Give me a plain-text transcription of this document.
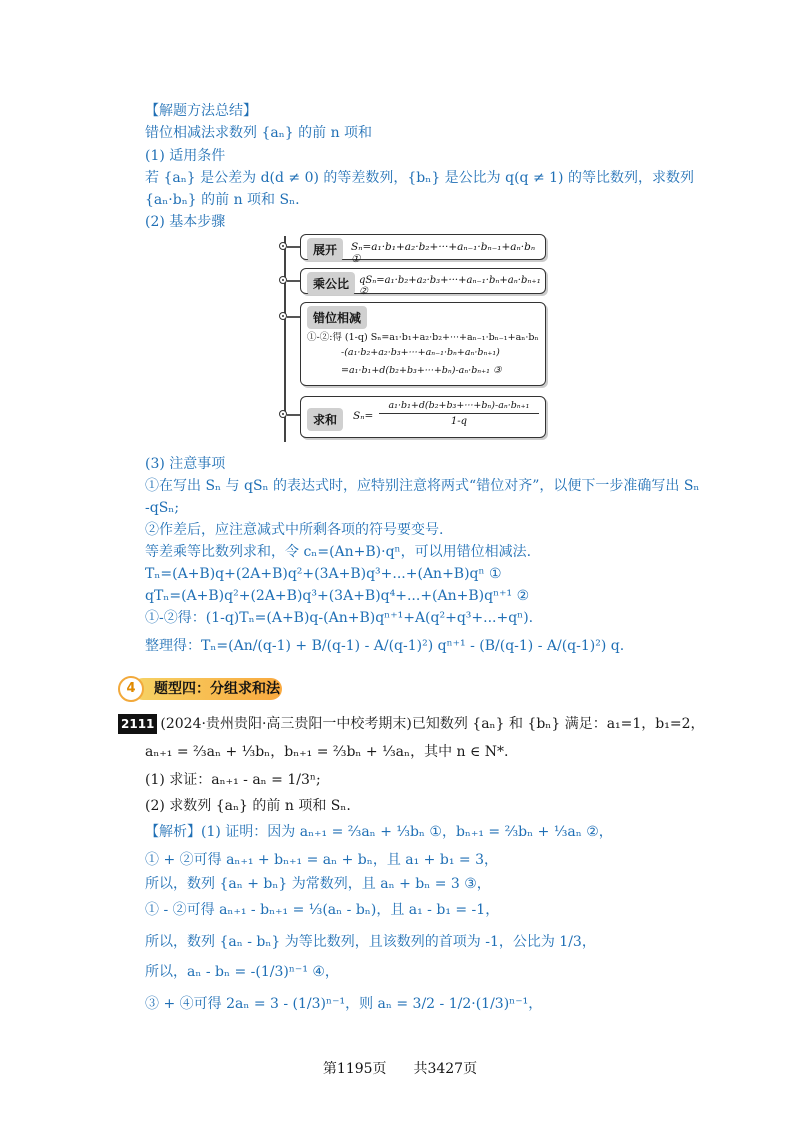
【解题方法总结】
错位相减法求数列 {aₙ} 的前 n 项和
(1) 适用条件
若 {aₙ} 是公差为 d(d ≠ 0) 的等差数列，{bₙ} 是公比为 q(q ≠ 1) 的等比数列，求数列
{aₙ·bₙ} 的前 n 项和 Sₙ.
(2) 基本步骤
展开	Sₙ=a₁·b₁+a₂·b₂+···+aₙ₋₁·bₙ₋₁+aₙ·bₙ ①
乘公比 qSₙ=a₁·b₂+a₂·b₃+···+aₙ₋₁·bₙ+aₙ·bₙ₊₁ ②
错位相减
①-②:得 (1-q) Sₙ=a₁·b₁+a₂·b₂+···+aₙ₋₁·bₙ₋₁+aₙ·bₙ
-(a₁·b₂+a₂·b₃+···+aₙ₋₁·bₙ+aₙ·bₙ₊₁)
=a₁·b₁+d(b₂+b₃+···+bₙ)-aₙ·bₙ₊₁ ③
求和	$S_n= \frac{\text{a₁·b₁+d(b₂+b₃+···+bₙ)-aₙ·bₙ₊₁}}{1-q}$
(3) 注意事项
①在写出 Sₙ 与 qSₙ 的表达式时，应特别注意将两式“错位对齐”，以便下一步准确写出 Sₙ
-qSₙ;
②作差后，应注意减式中所剩各项的符号要变号.
等差乘等比数列求和，令 cₙ=(An+B)·qⁿ，可以用错位相减法.
Tₙ=(A+B)q+(2A+B)q²+(3A+B)q³+...+(An+B)qⁿ ①
qTₙ=(A+B)q²+(2A+B)q³+(3A+B)q⁴+...+(An+B)qⁿ⁺¹ ②
①-②得：(1-q)Tₙ=(A+B)q-(An+B)qⁿ⁺¹+A(q²+q³+...+qⁿ).
整理得：Tₙ=(An/(q-1) + B/(q-1) - A/(q-1)²) qⁿ⁺¹ - (B/(q-1) - A/(q-1)²) q.
4	题型四：分组求和法
2111 (2024·贵州贵阳·高三贵阳一中校考期末)已知数列 {aₙ} 和 {bₙ} 满足：a₁=1，b₁=2，
aₙ₊₁ = ⅔aₙ + ⅓bₙ，bₙ₊₁ = ⅔bₙ + ⅓aₙ，其中 n ∈ N*.
(1) 求证：aₙ₊₁ - aₙ = 1/3ⁿ;
(2) 求数列 {aₙ} 的前 n 项和 Sₙ.
【解析】(1) 证明：因为 aₙ₊₁ = ⅔aₙ + ⅓bₙ ①，bₙ₊₁ = ⅔bₙ + ⅓aₙ ②，
① + ②可得 aₙ₊₁ + bₙ₊₁ = aₙ + bₙ，且 a₁ + b₁ = 3，
所以，数列 {aₙ + bₙ} 为常数列，且 aₙ + bₙ = 3 ③，
① - ②可得 aₙ₊₁ - bₙ₊₁ = ⅓(aₙ - bₙ)，且 a₁ - b₁ = -1，
所以，数列 {aₙ - bₙ} 为等比数列，且该数列的首项为 -1，公比为 1/3，
所以，aₙ - bₙ = -(1/3)ⁿ⁻¹ ④，
③ + ④可得 2aₙ = 3 - (1/3)ⁿ⁻¹，则 aₙ = 3/2 - 1/2·(1/3)ⁿ⁻¹，
第1195页 共3427页
